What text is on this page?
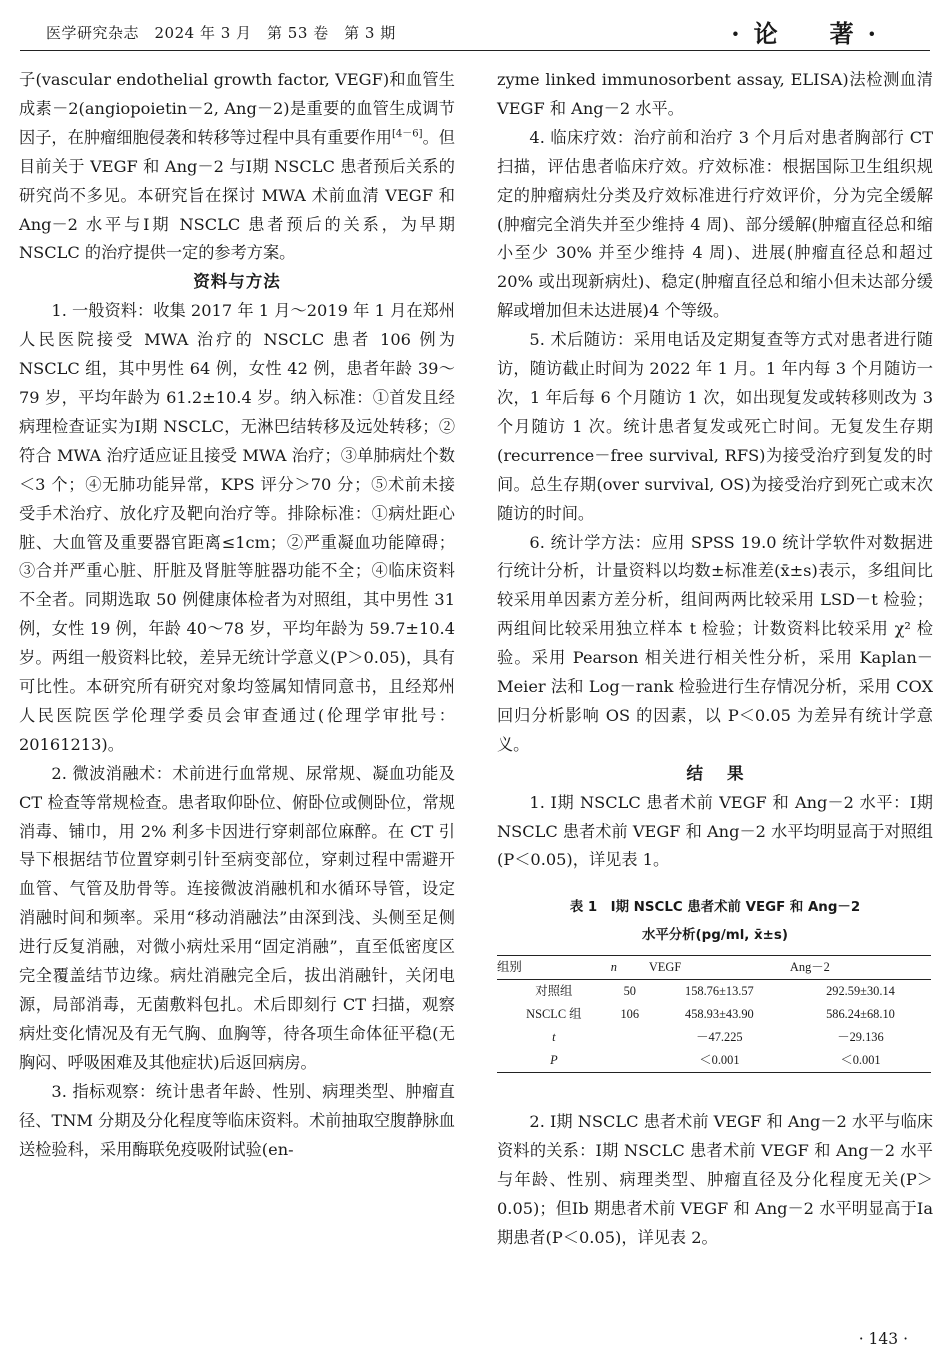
医学研究杂志　2024 年 3 月　第 53 卷　第 3 期	·论　著·

子(vascular endothelial growth factor, VEGF)和血管生成素－2(angiopoietin－2, Ang－2)是重要的血管生成调节因子，在肿瘤细胞侵袭和转移等过程中具有重要作用[4－6]。但目前关于 VEGF 和 Ang－2 与Ⅰ期 NSCLC 患者预后关系的研究尚不多见。本研究旨在探讨 MWA 术前血清 VEGF 和 Ang－2 水平与Ⅰ期 NSCLC 患者预后的关系，为早期 NSCLC 的治疗提供一定的参考方案。

资料与方法

1. 一般资料：收集 2017 年 1 月～2019 年 1 月在郑州人民医院接受 MWA 治疗的 NSCLC 患者 106 例为 NSCLC 组，其中男性 64 例，女性 42 例，患者年龄 39～79 岁，平均年龄为 61.2±10.4 岁。纳入标准：①首发且经病理检查证实为Ⅰ期 NSCLC，无淋巴结转移及远处转移；②符合 MWA 治疗适应证且接受 MWA 治疗；③单肺病灶个数＜3 个；④无肺功能异常，KPS 评分＞70 分；⑤术前未接受手术治疗、放化疗及靶向治疗等。排除标准：①病灶距心脏、大血管及重要器官距离≤1cm；②严重凝血功能障碍；③合并严重心脏、肝脏及肾脏等脏器功能不全；④临床资料不全者。同期选取 50 例健康体检者为对照组，其中男性 31 例，女性 19 例，年龄 40～78 岁，平均年龄为 59.7±10.4 岁。两组一般资料比较，差异无统计学意义(P＞0.05)，具有可比性。本研究所有研究对象均签属知情同意书，且经郑州人民医院医学伦理学委员会审查通过(伦理学审批号：20161213)。

2. 微波消融术：术前进行血常规、尿常规、凝血功能及 CT 检查等常规检查。患者取仰卧位、俯卧位或侧卧位，常规消毒、铺巾，用 2% 利多卡因进行穿刺部位麻醉。在 CT 引导下根据结节位置穿刺引针至病变部位，穿刺过程中需避开血管、气管及肋骨等。连接微波消融机和水循环导管，设定消融时间和频率。采用“移动消融法”由深到浅、头侧至足侧进行反复消融，对微小病灶采用“固定消融”，直至低密度区完全覆盖结节边缘。病灶消融完全后，拔出消融针，关闭电源，局部消毒，无菌敷料包扎。术后即刻行 CT 扫描，观察病灶变化情况及有无气胸、血胸等，待各项生命体征平稳(无胸闷、呼吸困难及其他症状)后返回病房。

3. 指标观察：统计患者年龄、性别、病理类型、肿瘤直径、TNM 分期及分化程度等临床资料。术前抽取空腹静脉血送检验科，采用酶联免疫吸附试验(en-

zyme linked immunosorbent assay, ELISA)法检测血清 VEGF 和 Ang－2 水平。

4. 临床疗效：治疗前和治疗 3 个月后对患者胸部行 CT 扫描，评估患者临床疗效。疗效标准：根据国际卫生组织规定的肿瘤病灶分类及疗效标准进行疗效评价，分为完全缓解(肿瘤完全消失并至少维持 4 周)、部分缓解(肿瘤直径总和缩小至少 30% 并至少维持 4 周)、进展(肿瘤直径总和超过 20% 或出现新病灶)、稳定(肿瘤直径总和缩小但未达部分缓解或增加但未达进展)4 个等级。

5. 术后随访：采用电话及定期复查等方式对患者进行随访，随访截止时间为 2022 年 1 月。1 年内每 3 个月随访一次，1 年后每 6 个月随访 1 次，如出现复发或转移则改为 3 个月随访 1 次。统计患者复发或死亡时间。无复发生存期(recurrence－free survival, RFS)为接受治疗到复发的时间。总生存期(over survival, OS)为接受治疗到死亡或末次随访的时间。

6. 统计学方法：应用 SPSS 19.0 统计学软件对数据进行统计分析，计量资料以均数±标准差(x̄±s)表示，多组间比较采用单因素方差分析，组间两两比较采用 LSD－t 检验；两组间比较采用独立样本 t 检验；计数资料比较采用 χ² 检验。采用 Pearson 相关进行相关性分析，采用 Kaplan－Meier 法和 Log－rank 检验进行生存情况分析，采用 COX 回归分析影响 OS 的因素，以 P＜0.05 为差异有统计学意义。

结果

1. Ⅰ期 NSCLC 患者术前 VEGF 和 Ang－2 水平：Ⅰ期 NSCLC 患者术前 VEGF 和 Ang－2 水平均明显高于对照组(P＜0.05)，详见表 1。

表 1　Ⅰ期 NSCLC 患者术前 VEGF 和 Ang－2
水平分析(pg/ml, x̄±s)
组别	n	VEGF	Ang－2
对照组	50	158.76±13.57	292.59±30.14
NSCLC 组	106	458.93±43.90	586.24±68.10
t		－47.225	－29.136
P		＜0.001	＜0.001

2. Ⅰ期 NSCLC 患者术前 VEGF 和 Ang－2 水平与临床资料的关系：Ⅰ期 NSCLC 患者术前 VEGF 和 Ang－2 水平与年龄、性别、病理类型、肿瘤直径及分化程度无关(P＞0.05)；但Ⅰb 期患者术前 VEGF 和 Ang－2 水平明显高于Ⅰa 期患者(P＜0.05)，详见表 2。

· 143 ·
